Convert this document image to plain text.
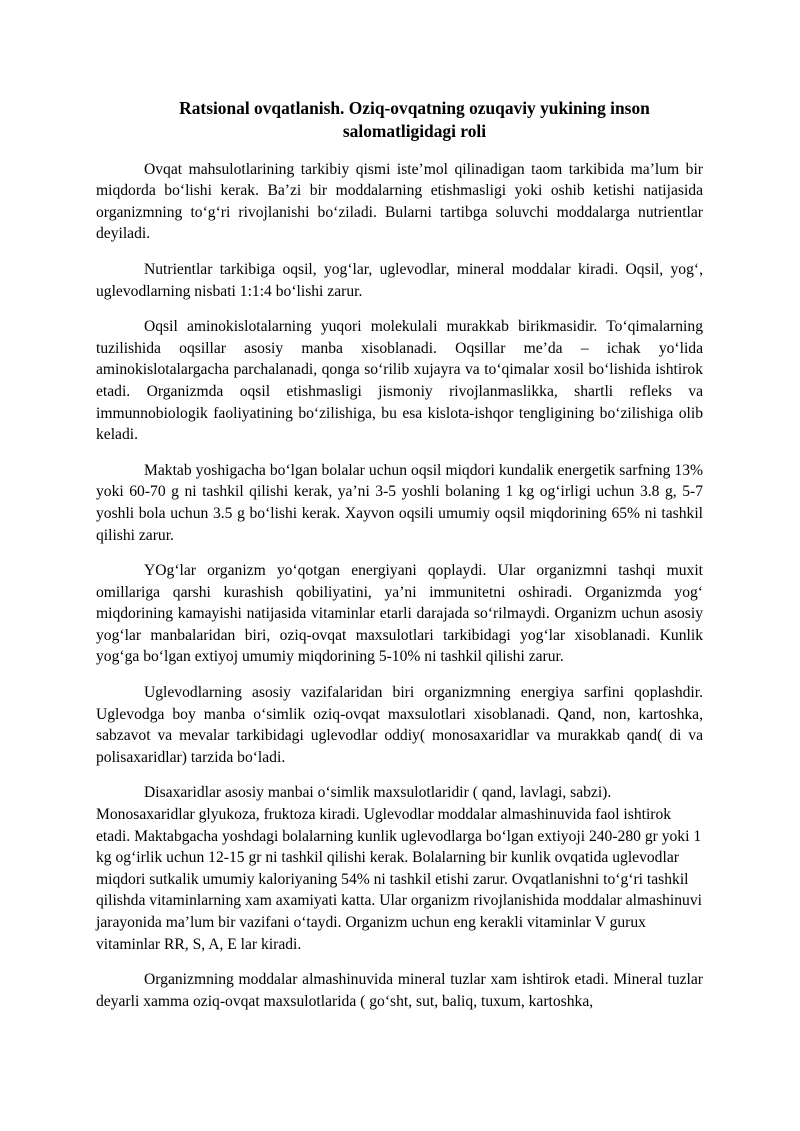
Ratsional ovqatlanish. Oziq-ovqatning ozuqaviy yukining inson salomatligidagi roli

Ovqat mahsulotlarining tarkibiy qismi iste’mol qilinadigan taom tarkibida ma’lum bir miqdorda bo‘lishi kerak. Ba’zi bir moddalarning etishmasligi yoki oshib ketishi natijasida organizmning to‘g‘ri rivojlanishi bo‘ziladi. Bularni tartibga soluvchi moddalarga nutrientlar deyiladi.

Nutrientlar tarkibiga oqsil, yog‘lar, uglevodlar, mineral moddalar kiradi. Oqsil, yog‘, uglevodlarning nisbati 1:1:4 bo‘lishi zarur.

Oqsil aminokislotalarning yuqori molekulali murakkab birikmasidir. To‘qimalarning tuzilishida oqsillar asosiy manba xisoblanadi. Oqsillar me’da – ichak yo‘lida aminokislotalargacha parchalanadi, qonga so‘rilib xujayra va to‘qimalar xosil bo‘lishida ishtirok etadi. Organizmda oqsil etishmasligi jismoniy rivojlanmaslikka, shartli refleks va immunnobiologik faoliyatining bo‘zilishiga, bu esa kislota-ishqor tengligining bo‘zilishiga olib keladi.

Maktab yoshigacha bo‘lgan bolalar uchun oqsil miqdori kundalik energetik sarfning 13% yoki 60-70 g ni tashkil qilishi kerak, ya’ni 3-5 yoshli bolaning 1 kg og‘irligi uchun 3.8 g, 5-7 yoshli bola uchun 3.5 g bo‘lishi kerak. Xayvon oqsili umumiy oqsil miqdorining 65% ni tashkil qilishi zarur.

YOg‘lar organizm yo‘qotgan energiyani qoplaydi. Ular organizmni tashqi muxit omillariga qarshi kurashish qobiliyatini, ya’ni immunitetni oshiradi. Organizmda yog‘ miqdorining kamayishi natijasida vitaminlar etarli darajada so‘rilmaydi. Organizm uchun asosiy yog‘lar manbalaridan biri, oziq-ovqat maxsulotlari tarkibidagi yog‘lar xisoblanadi. Kunlik yog‘ga bo‘lgan extiyoj umumiy miqdorining 5-10% ni tashkil qilishi zarur.

Uglevodlarning asosiy vazifalaridan biri organizmning energiya sarfini qoplashdir. Uglevodga boy manba o‘simlik oziq-ovqat maxsulotlari xisoblanadi. Qand, non, kartoshka, sabzavot va mevalar tarkibidagi uglevodlar oddiy( monosaxaridlar va murakkab qand( di va polisaxaridlar) tarzida bo‘ladi.

Disaxaridlar asosiy manbai o‘simlik maxsulotlaridir ( qand, lavlagi, sabzi). Monosaxaridlar glyukoza, fruktoza kiradi. Uglevodlar moddalar almashinuvida faol ishtirok etadi. Maktabgacha yoshdagi bolalarning kunlik uglevodlarga bo‘lgan extiyoji 240-280 gr yoki 1 kg og‘irlik uchun 12-15 gr ni tashkil qilishi kerak. Bolalarning bir kunlik ovqatida uglevodlar miqdori sutkalik umumiy kaloriyaning 54% ni tashkil etishi zarur. Ovqatlanishni to‘g‘ri tashkil qilishda vitaminlarning xam axamiyati katta. Ular organizm rivojlanishida moddalar almashinuvi jarayonida ma’lum bir vazifani o‘taydi. Organizm uchun eng kerakli vitaminlar V gurux vitaminlar RR, S, A, E lar kiradi.

Organizmning moddalar almashinuvida mineral tuzlar xam ishtirok etadi. Mineral tuzlar deyarli xamma oziq-ovqat maxsulotlarida ( go‘sht, sut, baliq, tuxum, kartoshka,
